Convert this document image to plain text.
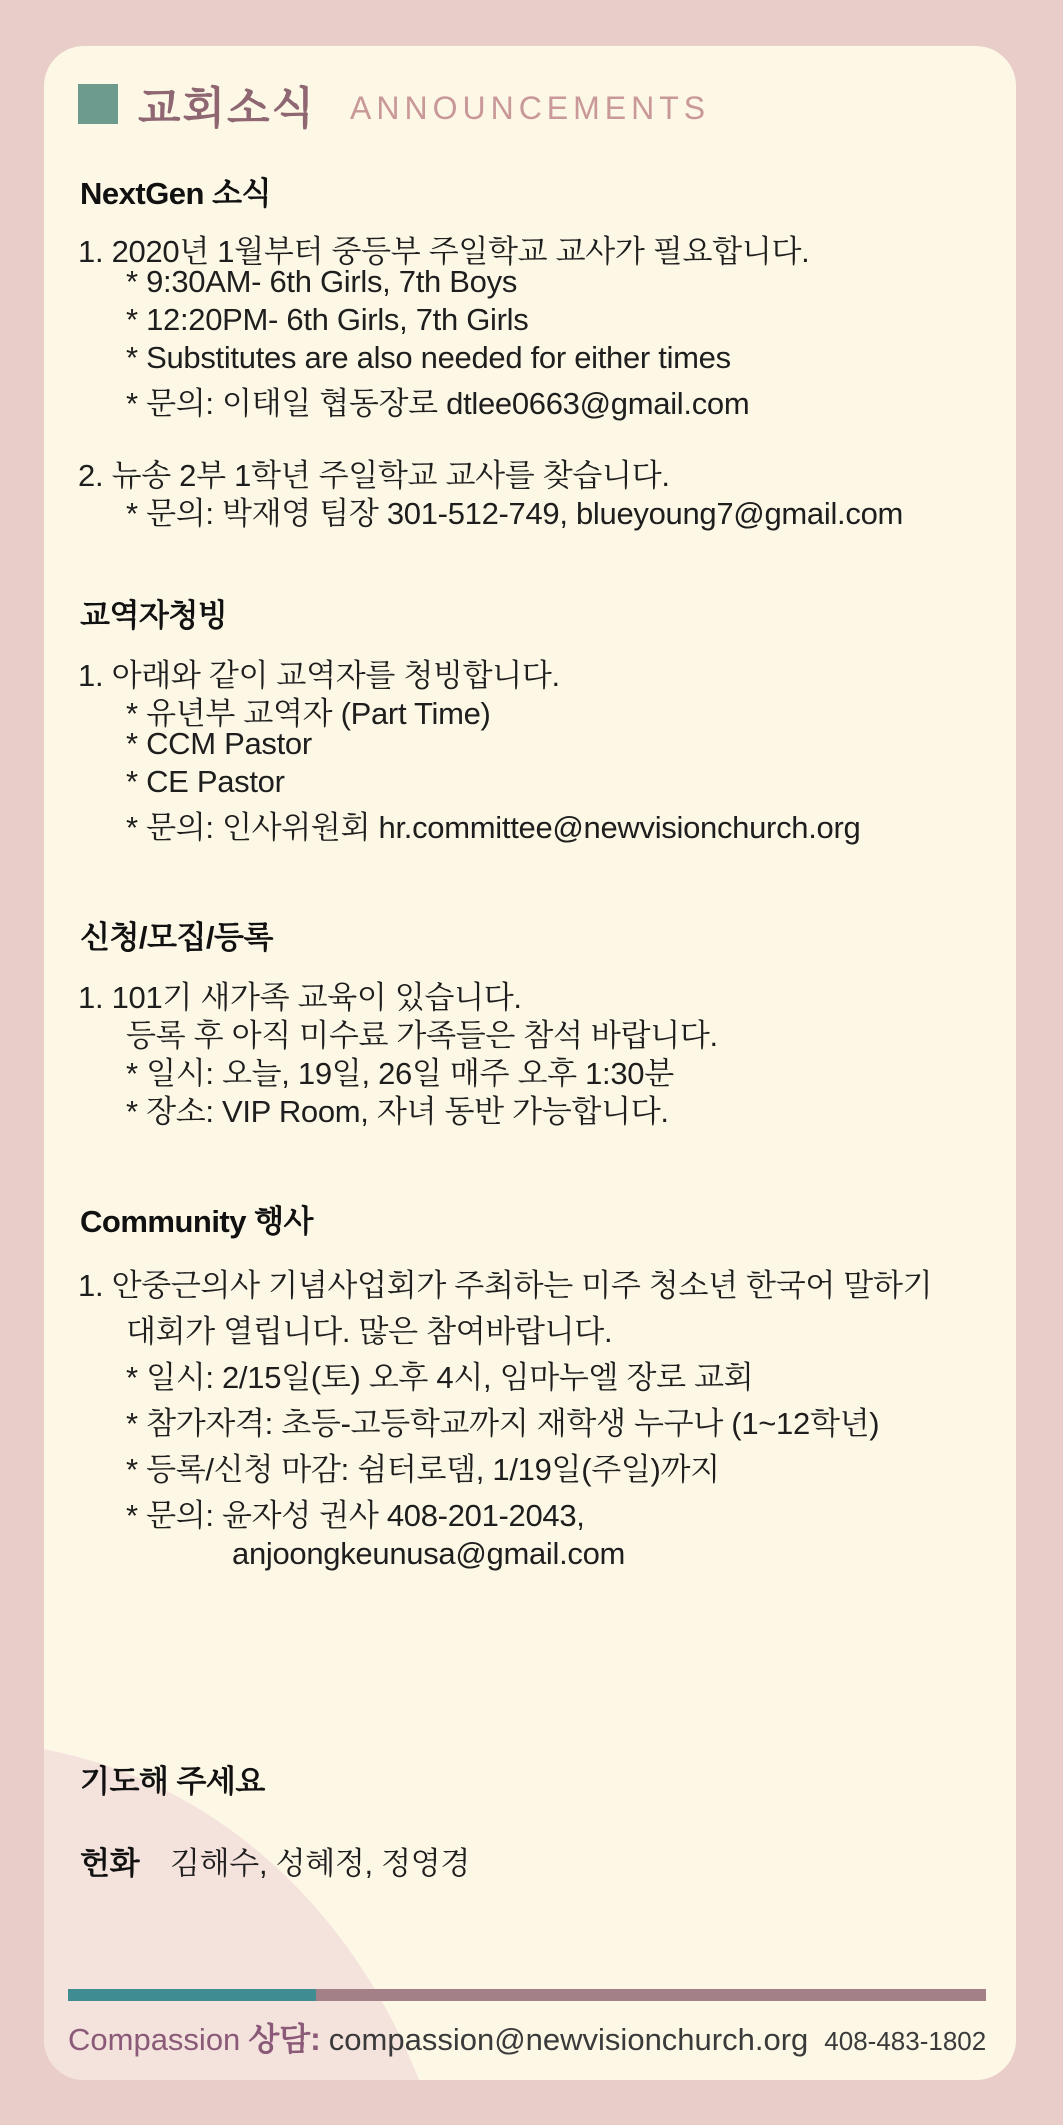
교회소식 ANNOUNCEMENTS
NextGen 소식
1. 2020년 1월부터 중등부 주일학교 교사가 필요합니다.
* 9:30AM- 6th Girls, 7th Boys
* 12:20PM- 6th Girls, 7th Girls
* Substitutes are also needed for either times
* 문의: 이태일 협동장로 dtlee0663@gmail.com
2. 뉴송 2부 1학년 주일학교 교사를 찾습니다.
* 문의: 박재영 팀장 301-512-749, blueyoung7@gmail.com
교역자청빙
1. 아래와 같이 교역자를 청빙합니다.
* 유년부 교역자 (Part Time)
* CCM Pastor
* CE Pastor
* 문의: 인사위원회 hr.committee@newvisionchurch.org
신청/모집/등록
1. 101기 새가족 교육이 있습니다.
등록 후 아직 미수료 가족들은 참석 바랍니다.
* 일시: 오늘, 19일, 26일 매주 오후 1:30분
* 장소: VIP Room, 자녀 동반 가능합니다.
Community 행사
1. 안중근의사 기념사업회가 주최하는 미주 청소년 한국어 말하기
대회가 열립니다. 많은 참여바랍니다.
* 일시: 2/15일(토) 오후 4시, 임마누엘 장로 교회
* 참가자격: 초등-고등학교까지 재학생 누구나 (1~12학년)
* 등록/신청 마감: 쉼터로뎀, 1/19일(주일)까지
* 문의: 윤자성 권사 408-201-2043,
anjoongkeunusa@gmail.com
기도해 주세요
헌화 김해수, 성혜정, 정영경
Compassion 상담: compassion@newvisionchurch.org 408-483-1802
